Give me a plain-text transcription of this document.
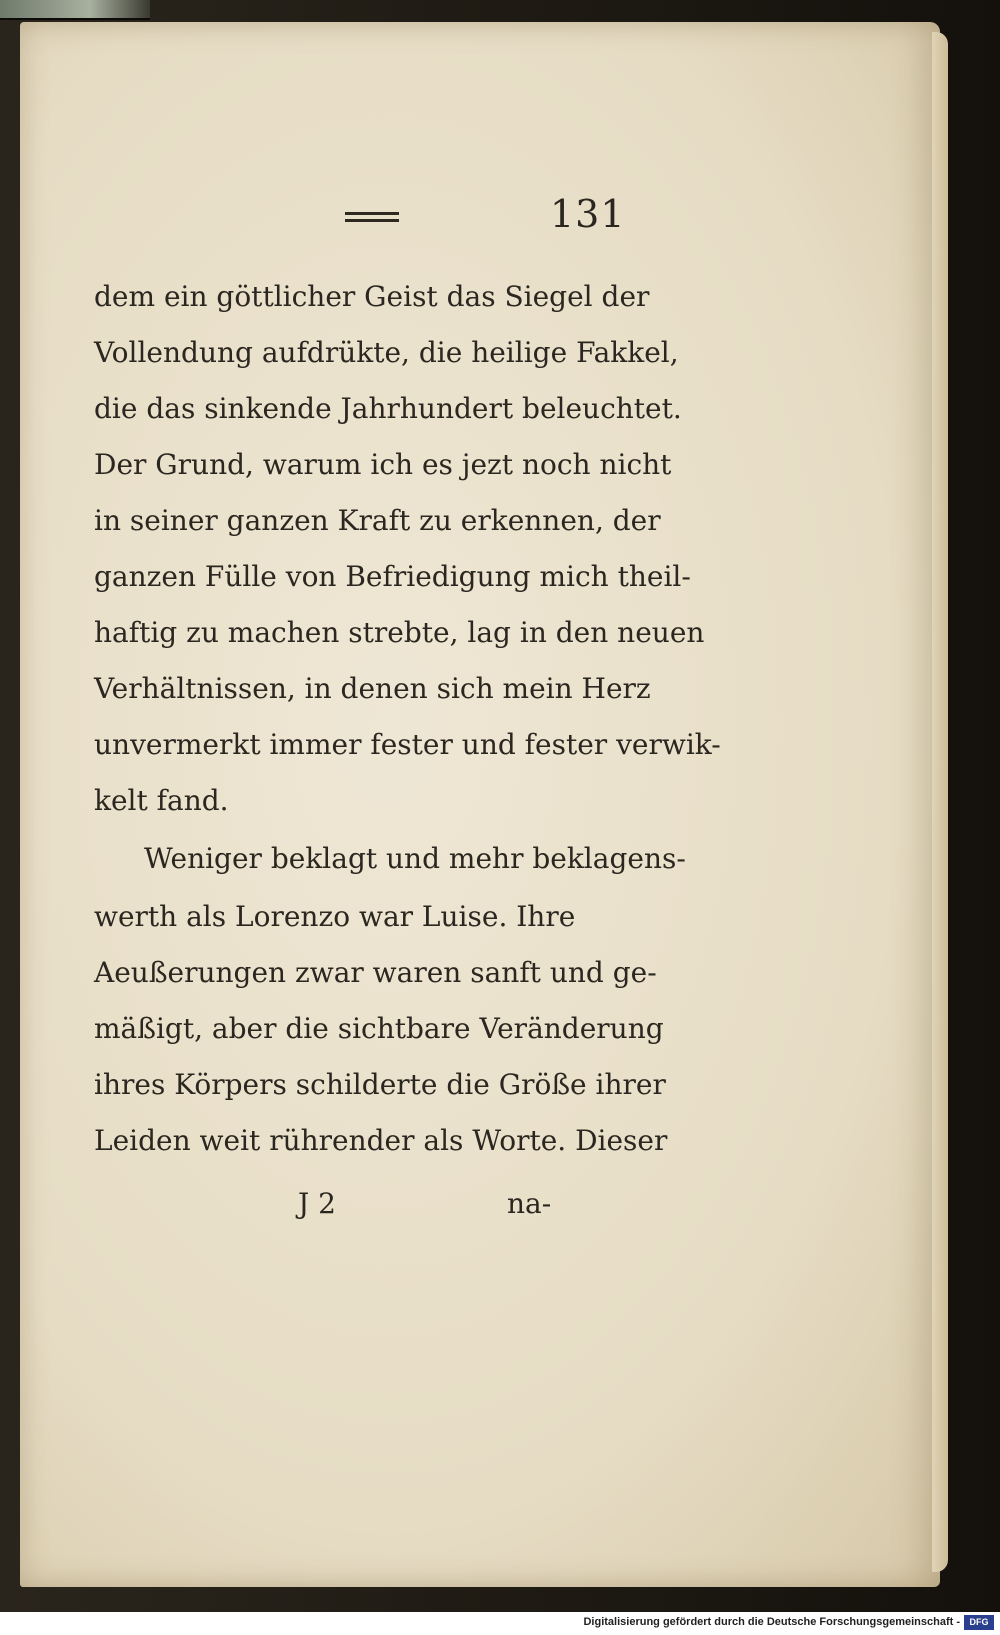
131
dem ein göttlicher Geist das Siegel der
Vollendung aufdrükte, die heilige Fakkel,
die das sinkende Jahrhundert beleuchtet.
Der Grund, warum ich es jezt noch nicht
in seiner ganzen Kraft zu erkennen, der
ganzen Fülle von Befriedigung mich theil-
haftig zu machen strebte, lag in den neuen
Verhältnissen, in denen sich mein Herz
unvermerkt immer fester und fester verwik-
kelt fand.
Weniger beklagt und mehr beklagens-
werth als Lorenzo war Luise. Ihre
Aeußerungen zwar waren sanft und ge-
mäßigt, aber die sichtbare Veränderung
ihres Körpers schilderte die Größe ihrer
Leiden weit rührender als Worte. Dieser
J 2	na-
Digitalisierung gefördert durch die Deutsche Forschungsgemeinschaft -	DFG
